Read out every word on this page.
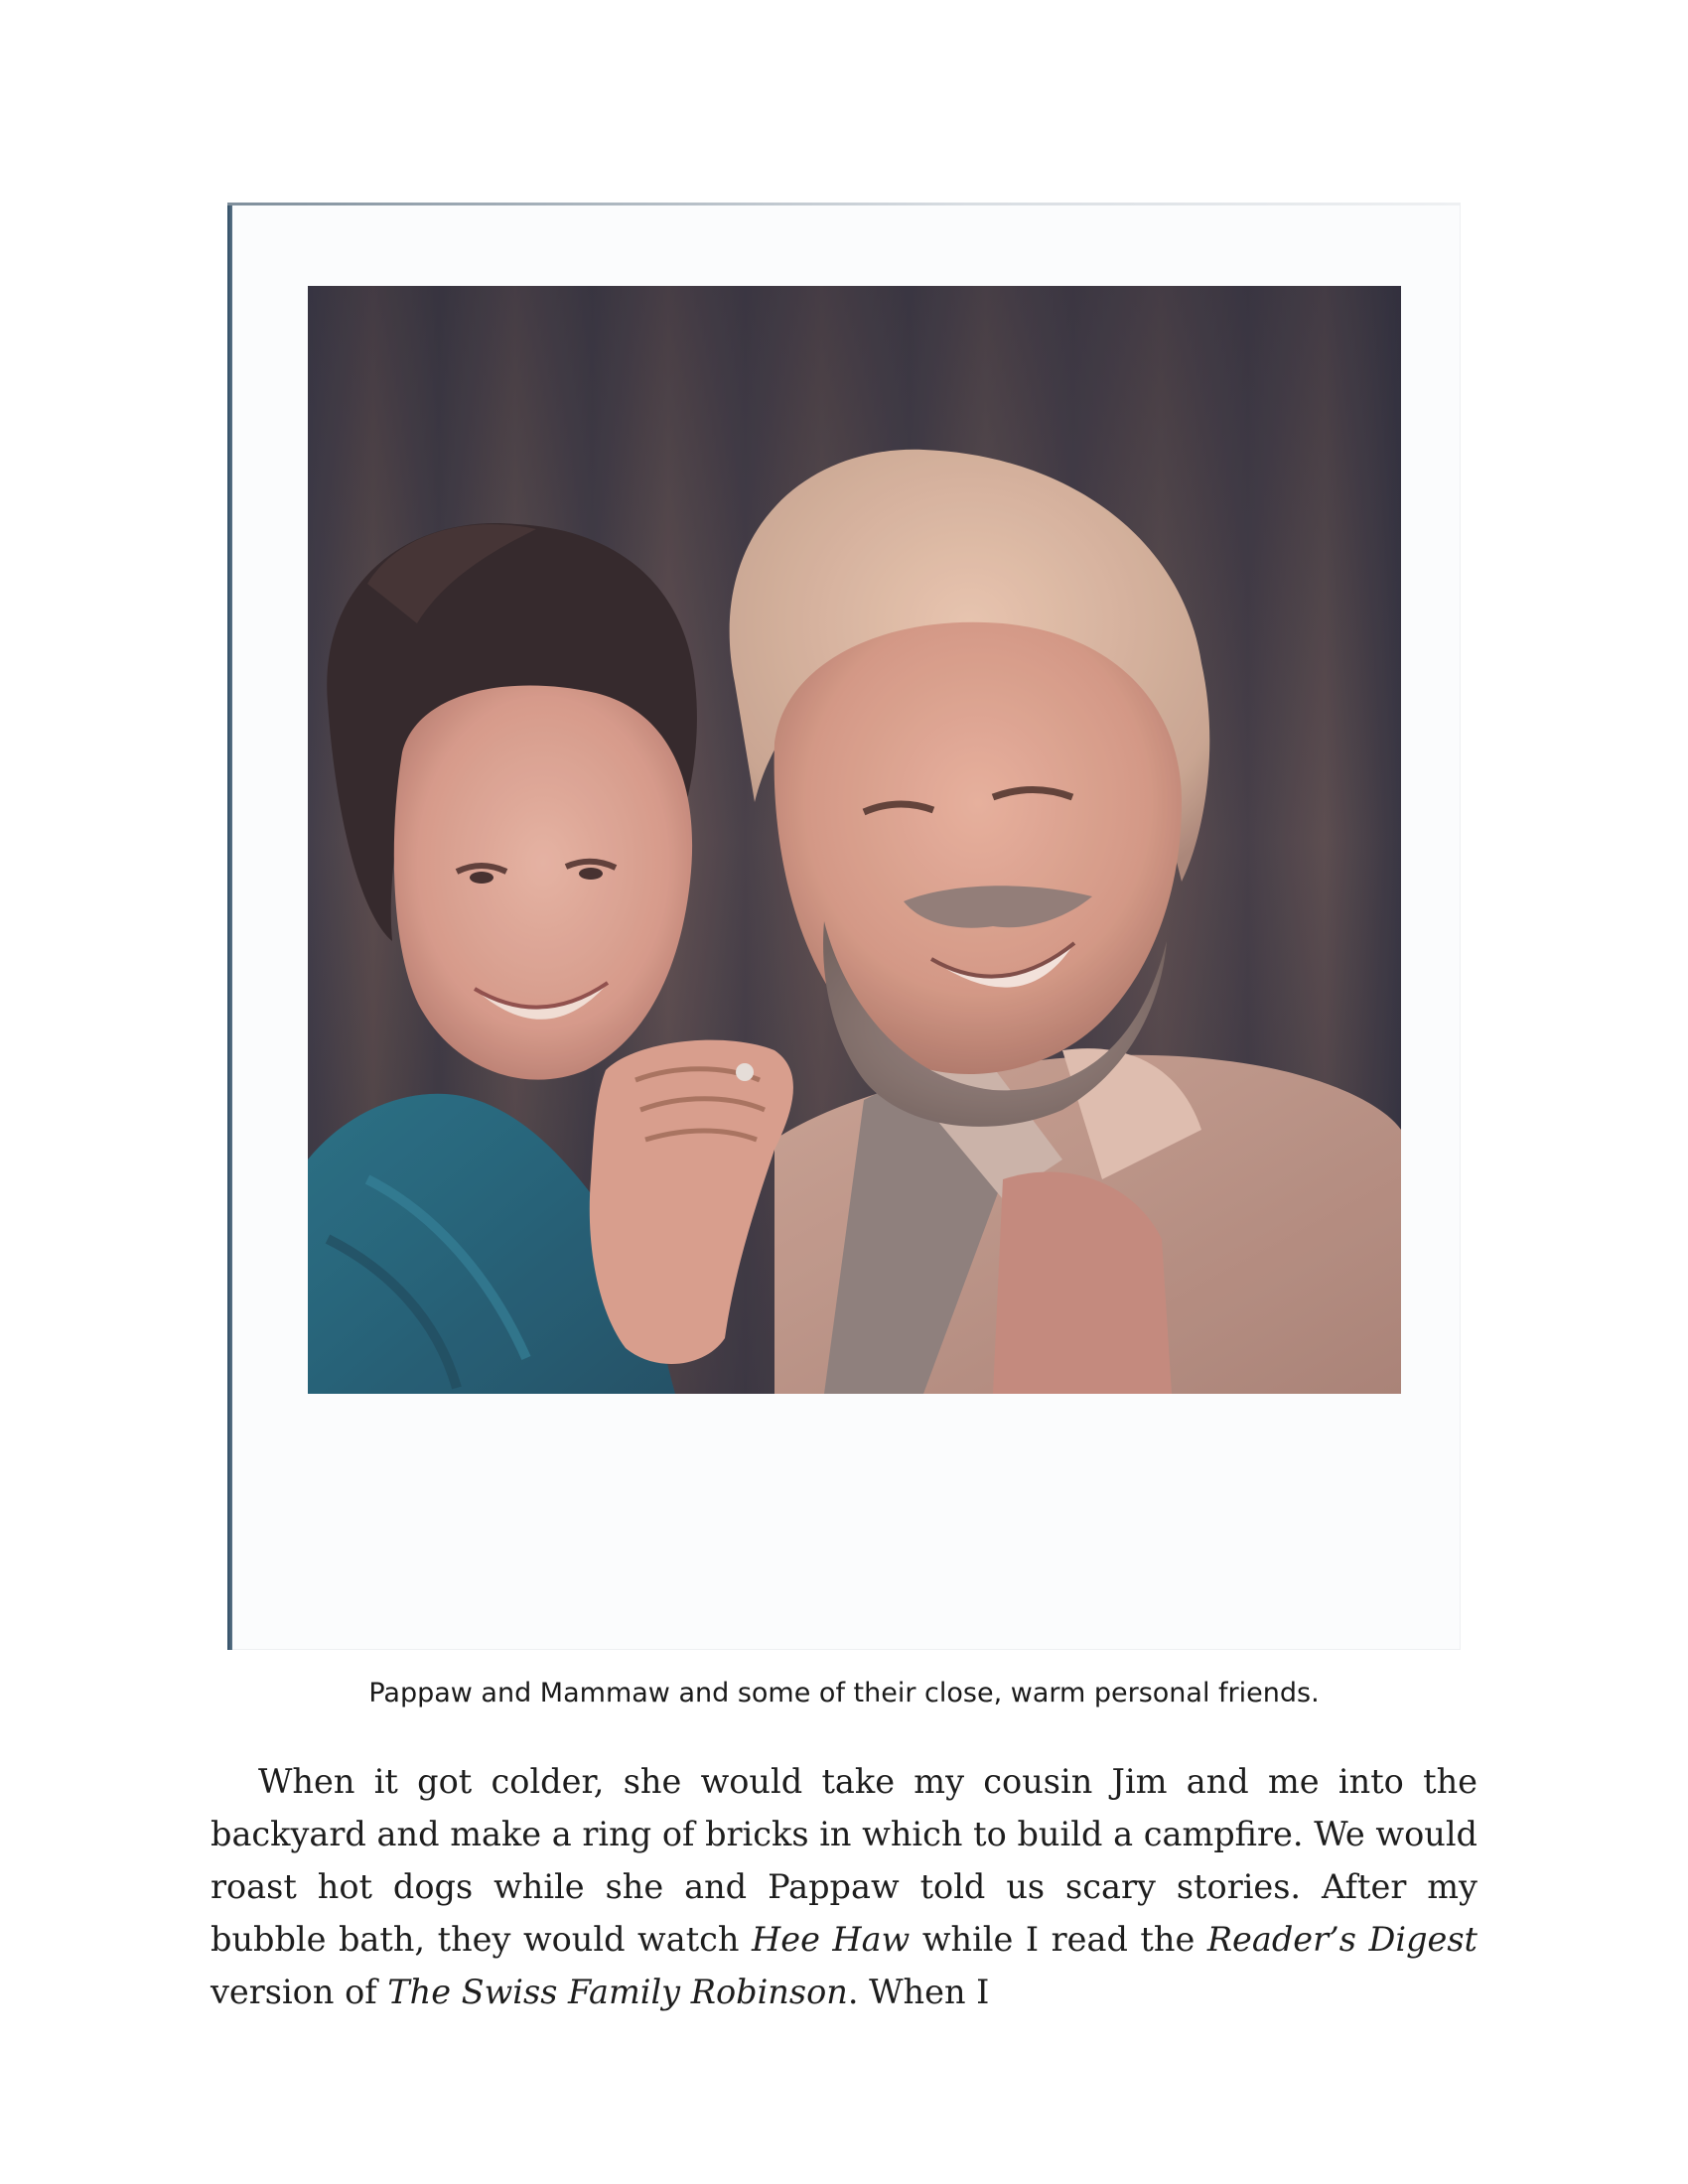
Pappaw and Mammaw and some of their close, warm personal friends.

When it got colder, she would take my cousin Jim and me into the backyard and make a ring of bricks in which to build a campfire. We would roast hot dogs while she and Pappaw told us scary stories. After my bubble bath, they would watch Hee Haw while I read the Reader’s Digest version of The Swiss Family Robinson. When I
